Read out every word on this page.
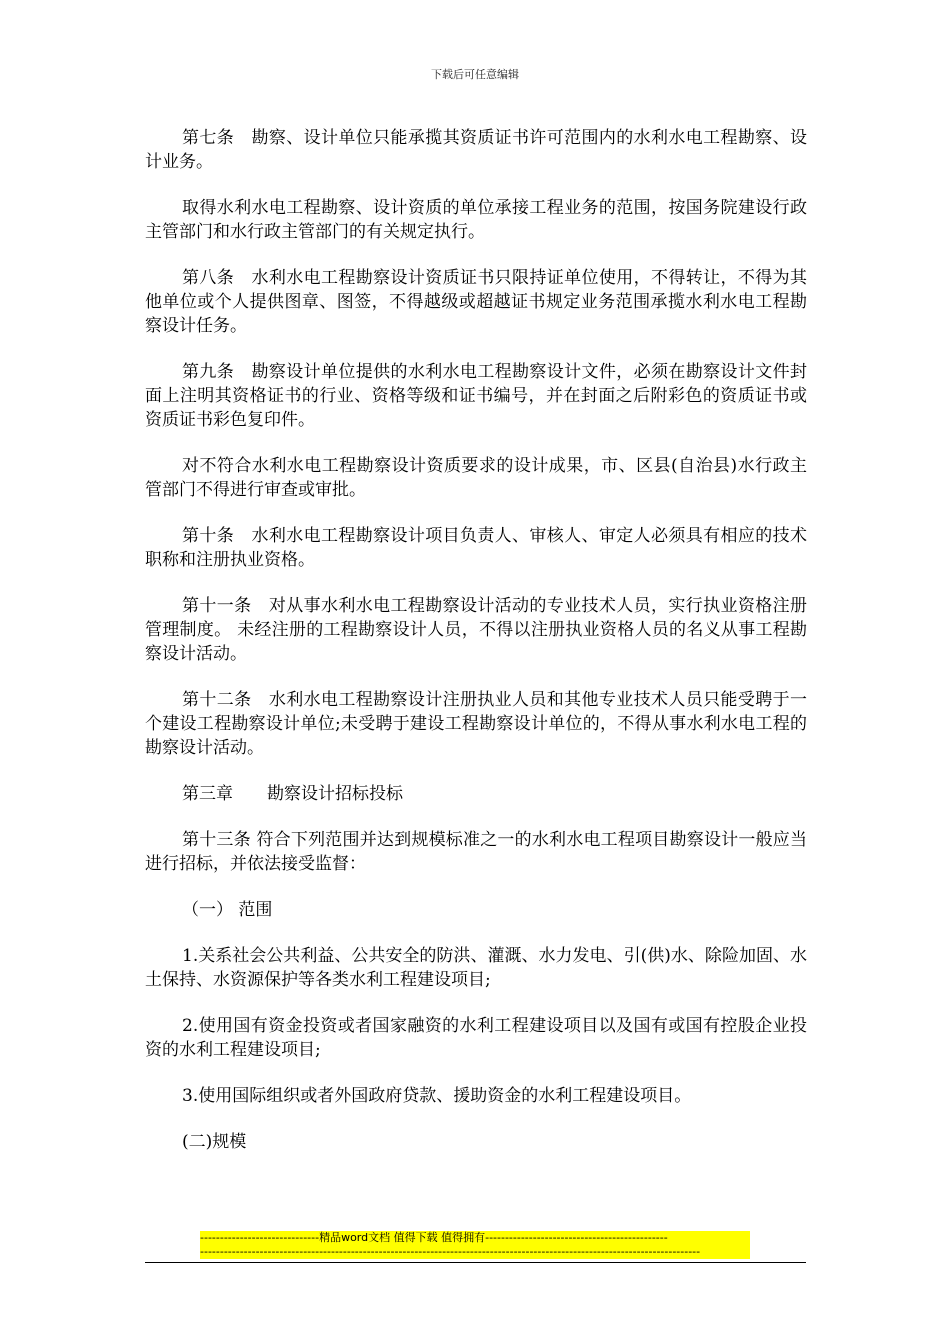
下载后可任意编辑

第七条　勘察、设计单位只能承揽其资质证书许可范围内的水利水电工程勘察、设计业务。

取得水利水电工程勘察、设计资质的单位承接工程业务的范围，按国务院建设行政主管部门和水行政主管部门的有关规定执行。

第八条　水利水电工程勘察设计资质证书只限持证单位使用，不得转让，不得为其他单位或个人提供图章、图签，不得越级或超越证书规定业务范围承揽水利水电工程勘察设计任务。

第九条　勘察设计单位提供的水利水电工程勘察设计文件，必须在勘察设计文件封面上注明其资格证书的行业、资格等级和证书编号，并在封面之后附彩色的资质证书或资质证书彩色复印件。

对不符合水利水电工程勘察设计资质要求的设计成果，市、区县(自治县)水行政主管部门不得进行审查或审批。

第十条　水利水电工程勘察设计项目负责人、审核人、审定人必须具有相应的技术职称和注册执业资格。

第十一条　对从事水利水电工程勘察设计活动的专业技术人员，实行执业资格注册管理制度。 未经注册的工程勘察设计人员，不得以注册执业资格人员的名义从事工程勘察设计活动。

第十二条　水利水电工程勘察设计注册执业人员和其他专业技术人员只能受聘于一个建设工程勘察设计单位;未受聘于建设工程勘察设计单位的，不得从事水利水电工程的勘察设计活动。

第三章　　勘察设计招标投标

第十三条 符合下列范围并达到规模标准之一的水利水电工程项目勘察设计一般应当进行招标，并依法接受监督：

（一） 范围

1.关系社会公共利益、公共安全的防洪、灌溉、水力发电、引(供)水、除险加固、水土保持、水资源保护等各类水利工程建设项目;

2.使用国有资金投资或者国家融资的水利工程建设项目以及国有或国有控股企业投资的水利工程建设项目;

3.使用国际组织或者外国政府贷款、援助资金的水利工程建设项目。

(二)规模

------------------------------精品word文档 值得下载 值得拥有----------------------------------------------
------------------------------------------------------------------------------------------------------------------------------
